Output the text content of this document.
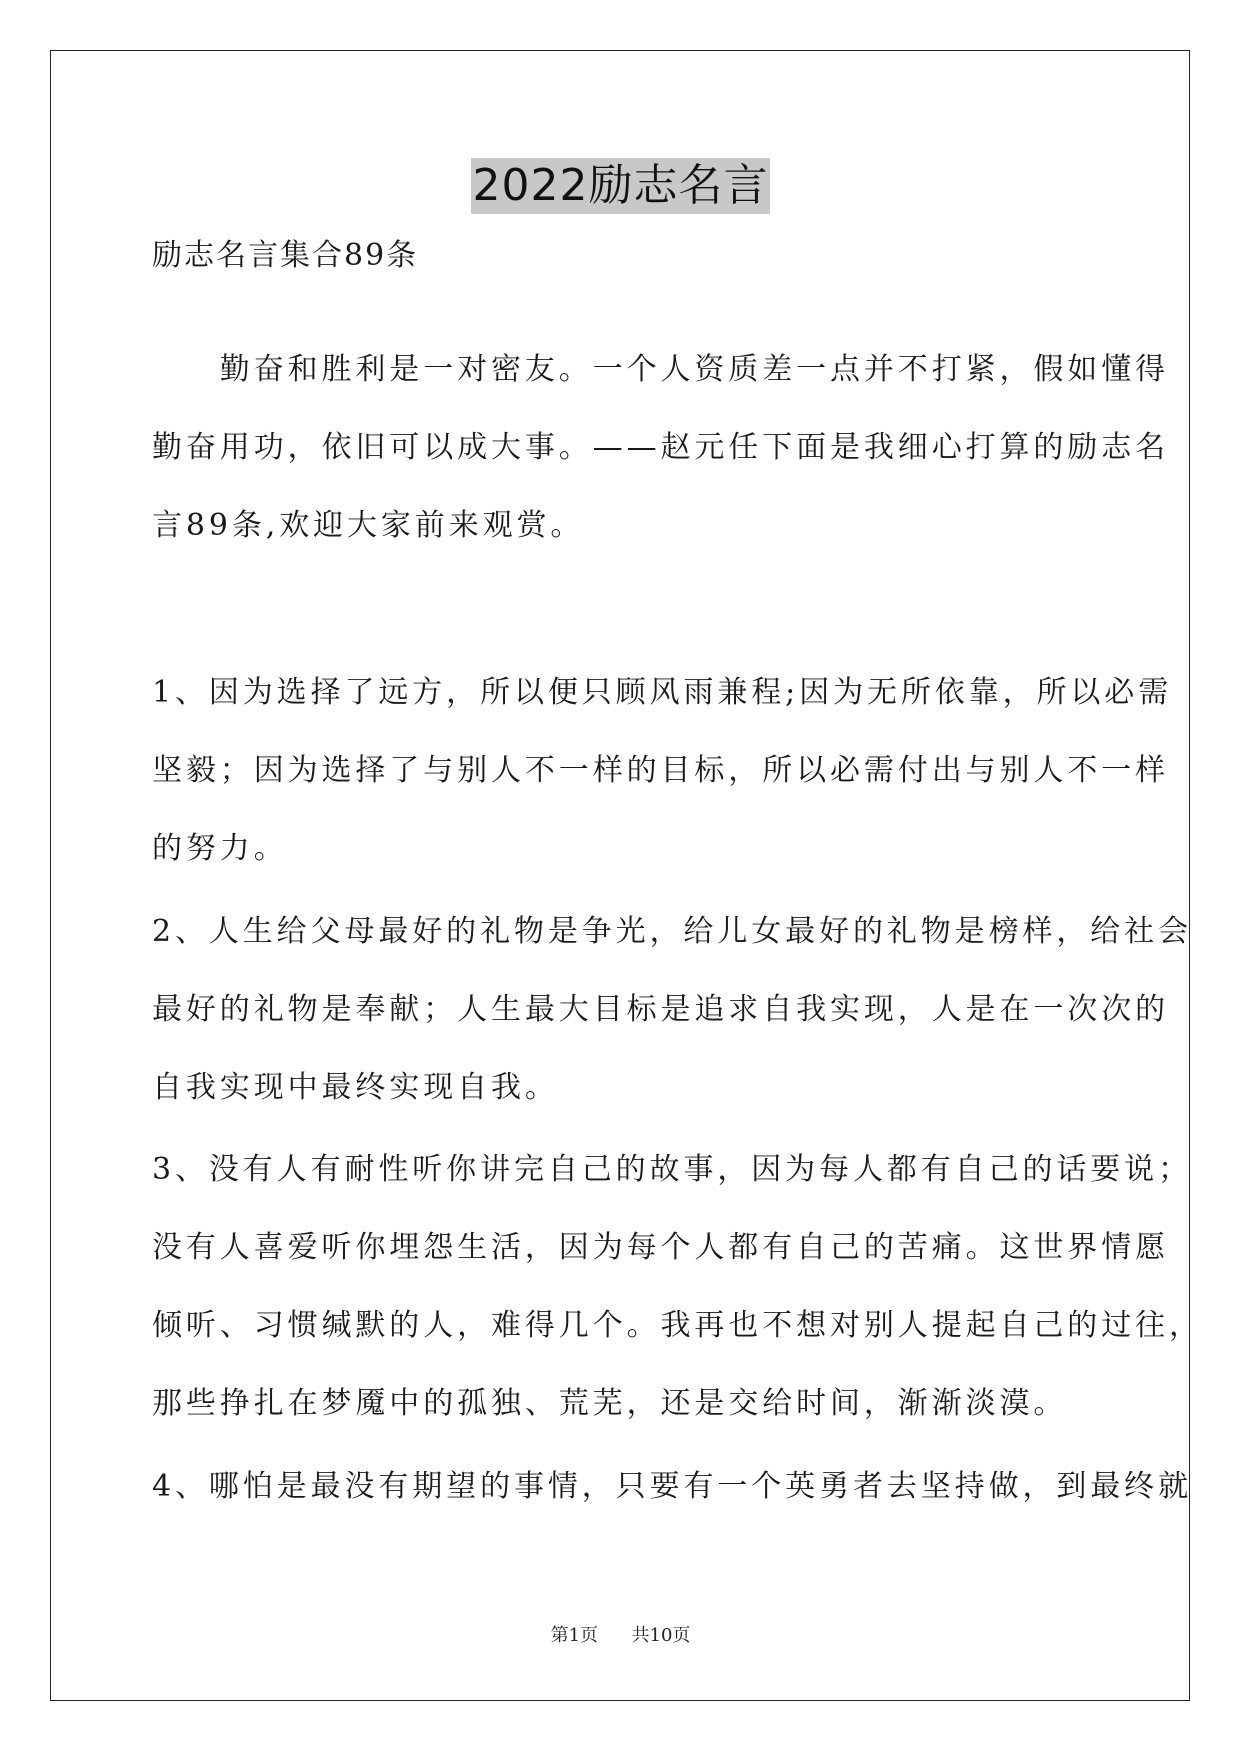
2022励志名言
励志名言集合89条
　　勤奋和胜利是一对密友。一个人资质差一点并不打紧，假如懂得
勤奋用功，依旧可以成大事。——赵元任下面是我细心打算的励志名
言89条,欢迎大家前来观赏。
1、因为选择了远方，所以便只顾风雨兼程;因为无所依靠，所以必需
坚毅；因为选择了与别人不一样的目标，所以必需付出与别人不一样
的努力。
2、人生给父母最好的礼物是争光，给儿女最好的礼物是榜样，给社会
最好的礼物是奉献；人生最大目标是追求自我实现，人是在一次次的
自我实现中最终实现自我。
3、没有人有耐性听你讲完自己的故事，因为每人都有自己的话要说；
没有人喜爱听你埋怨生活，因为每个人都有自己的苦痛。这世界情愿
倾听、习惯缄默的人，难得几个。我再也不想对别人提起自己的过往，
那些挣扎在梦魇中的孤独、荒芜，还是交给时间，渐渐淡漠。
4、哪怕是最没有期望的事情，只要有一个英勇者去坚持做，到最终就
第1页 共10页
